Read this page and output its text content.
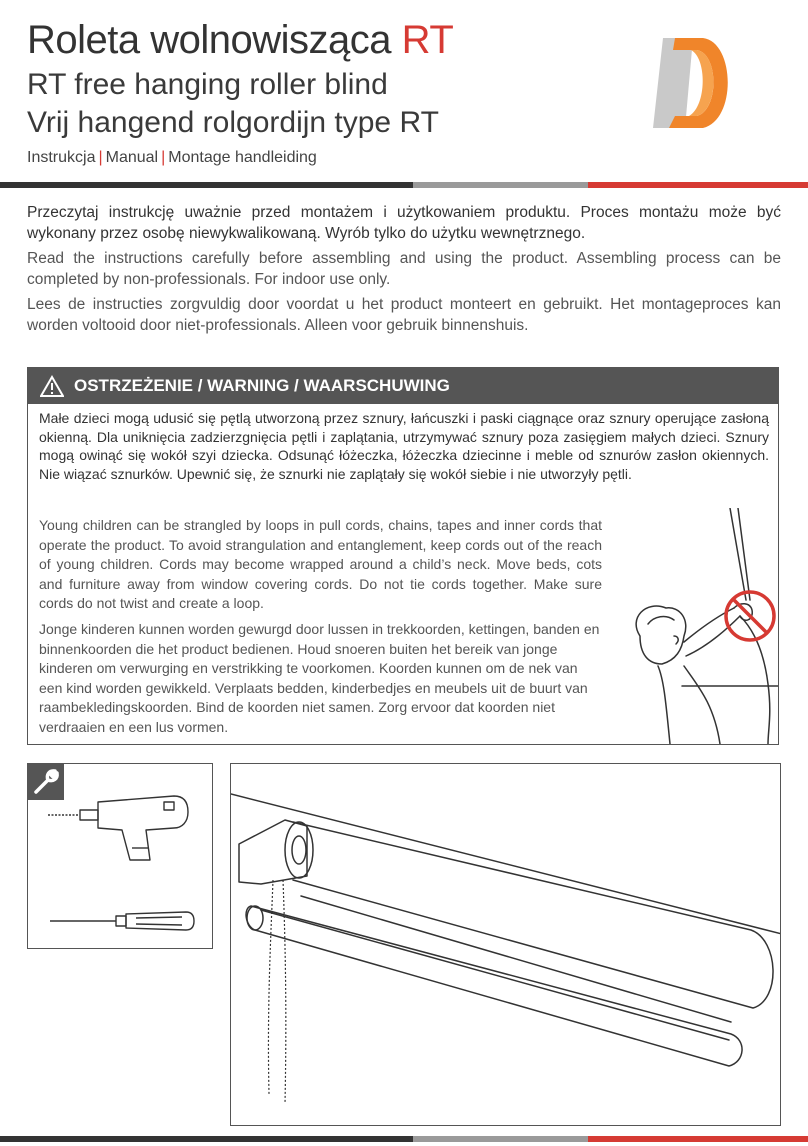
Roleta wolnowisząca RT
RT free hanging roller blind
Vrij hangend rolgordijn type RT
Instrukcja | Manual | Montage handleiding

Przeczytaj instrukcję uważnie przed montażem i użytkowaniem produktu. Proces montażu może być wykonany przez osobę niewykwalikowaną. Wyrób tylko do użytku wewnętrznego.

Read the instructions carefully before assembling and using the product. Assembling process can be completed by non-professionals. For indoor use only.

Lees de instructies zorgvuldig door voordat u het product monteert en gebruikt. Het montageproces kan worden voltooid door niet-professionals. Alleen voor gebruik binnenshuis.

OSTRZEŻENIE / WARNING / WAARSCHUWING

Małe dzieci mogą udusić się pętlą utworzoną przez sznury, łańcuszki i paski ciągnące oraz sznury operujące zasłoną okienną. Dla uniknięcia zadzierzgnięcia pętli i zaplątania, utrzymywać sznury poza zasięgiem małych dzieci. Sznury mogą owinąć się wokół szyi dziecka. Odsunąć łóżeczka, łóżeczka dziecinne i meble od sznurów zasłon okiennych. Nie wiązać sznurków. Upewnić się, że sznurki nie zaplątały się wokół siebie i nie utworzyły pętli.

Young children can be strangled by loops in pull cords, chains, tapes and inner cords that operate the product. To avoid strangulation and entanglement, keep cords out of the reach of young children. Cords may become wrapped around a child’s neck. Move beds, cots and furniture away from window covering cords. Do not tie cords together. Make sure cords do not twist and create a loop.

Jonge kinderen kunnen worden gewurgd door lussen in trekkoorden, kettingen, banden en binnenkoorden die het product bedienen. Houd snoeren buiten het bereik van jonge kinderen om verwurging en verstrikking te voorkomen. Koorden kunnen om de nek van een kind worden gewikkeld. Verplaats bedden, kinderbedjes en meubels uit de buurt van raambekledingskoorden. Bind de koorden niet samen. Zorg ervoor dat koorden niet verdraaien en een lus vormen.
